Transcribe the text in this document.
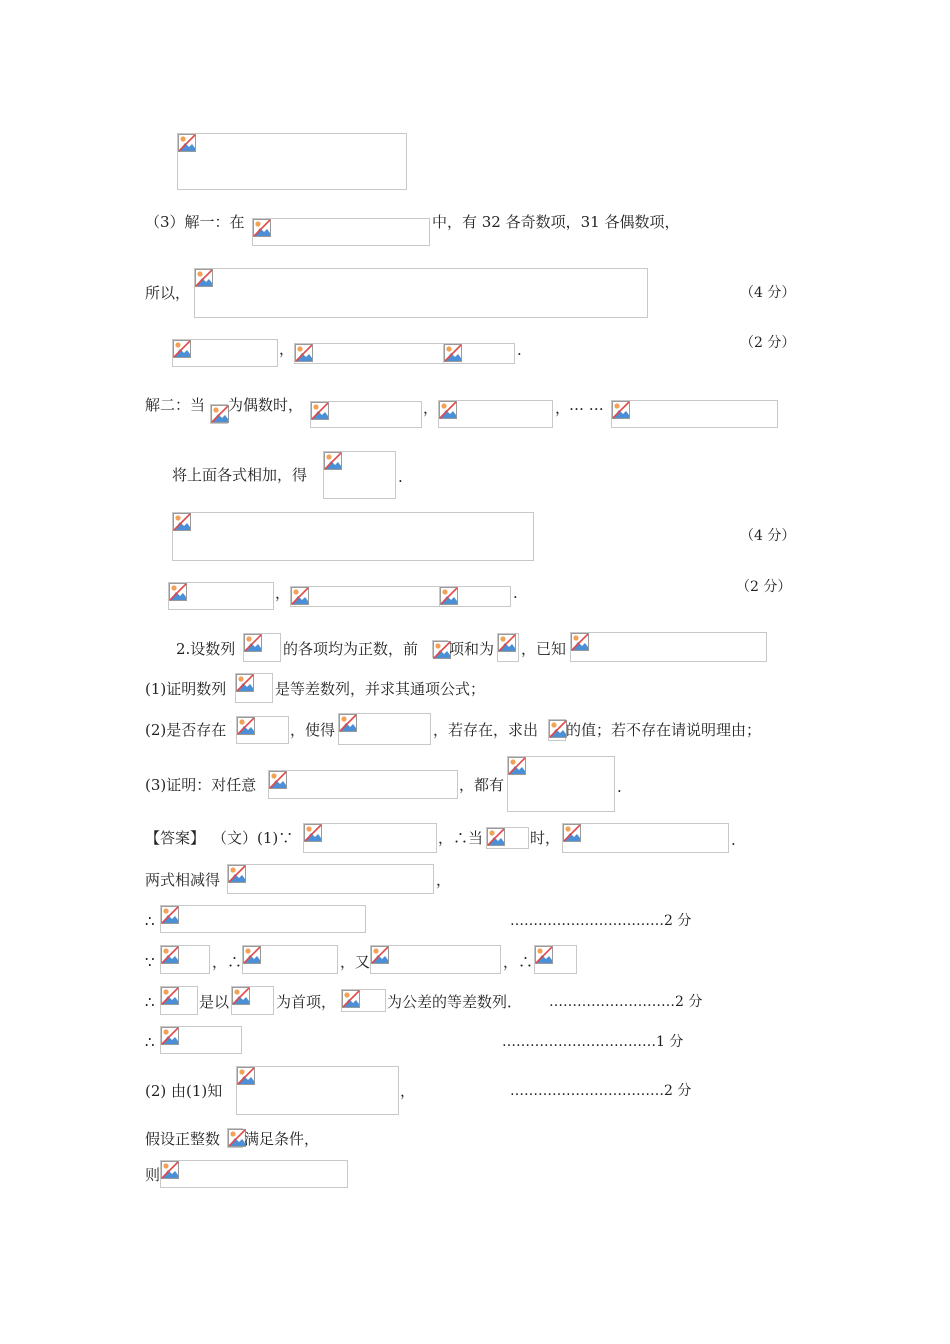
（3）解一：在	中，有 32 各奇数项，31 各偶数项，
所以，	（4 分）
，	.	（2 分）
解二：当 为偶数时，	，	，
… …
将上面各式相加，得	.
（4 分）
，	.	（2 分）
2.设数列	的各项均为正数，前 项和为 ，已知
(1)证明数列	是等差数列，并求其通项公式；
(2)是否存在	，使得	，若存在，求出 的值；若不存在请说明理由；
(3)证明：对任意	，都有	.
【答案】 （文）(1)∵	，∴当	时，	.
两式相减得	，
∴	……………………………2 分
∵	，∴	，又	，∴
∴	是以	为首项，	为公差的等差数列． ………………………2 分
∴	……………………………1 分
(2) 由(1)知	，	……………………………2 分
假设正整数 满足条件，
则
